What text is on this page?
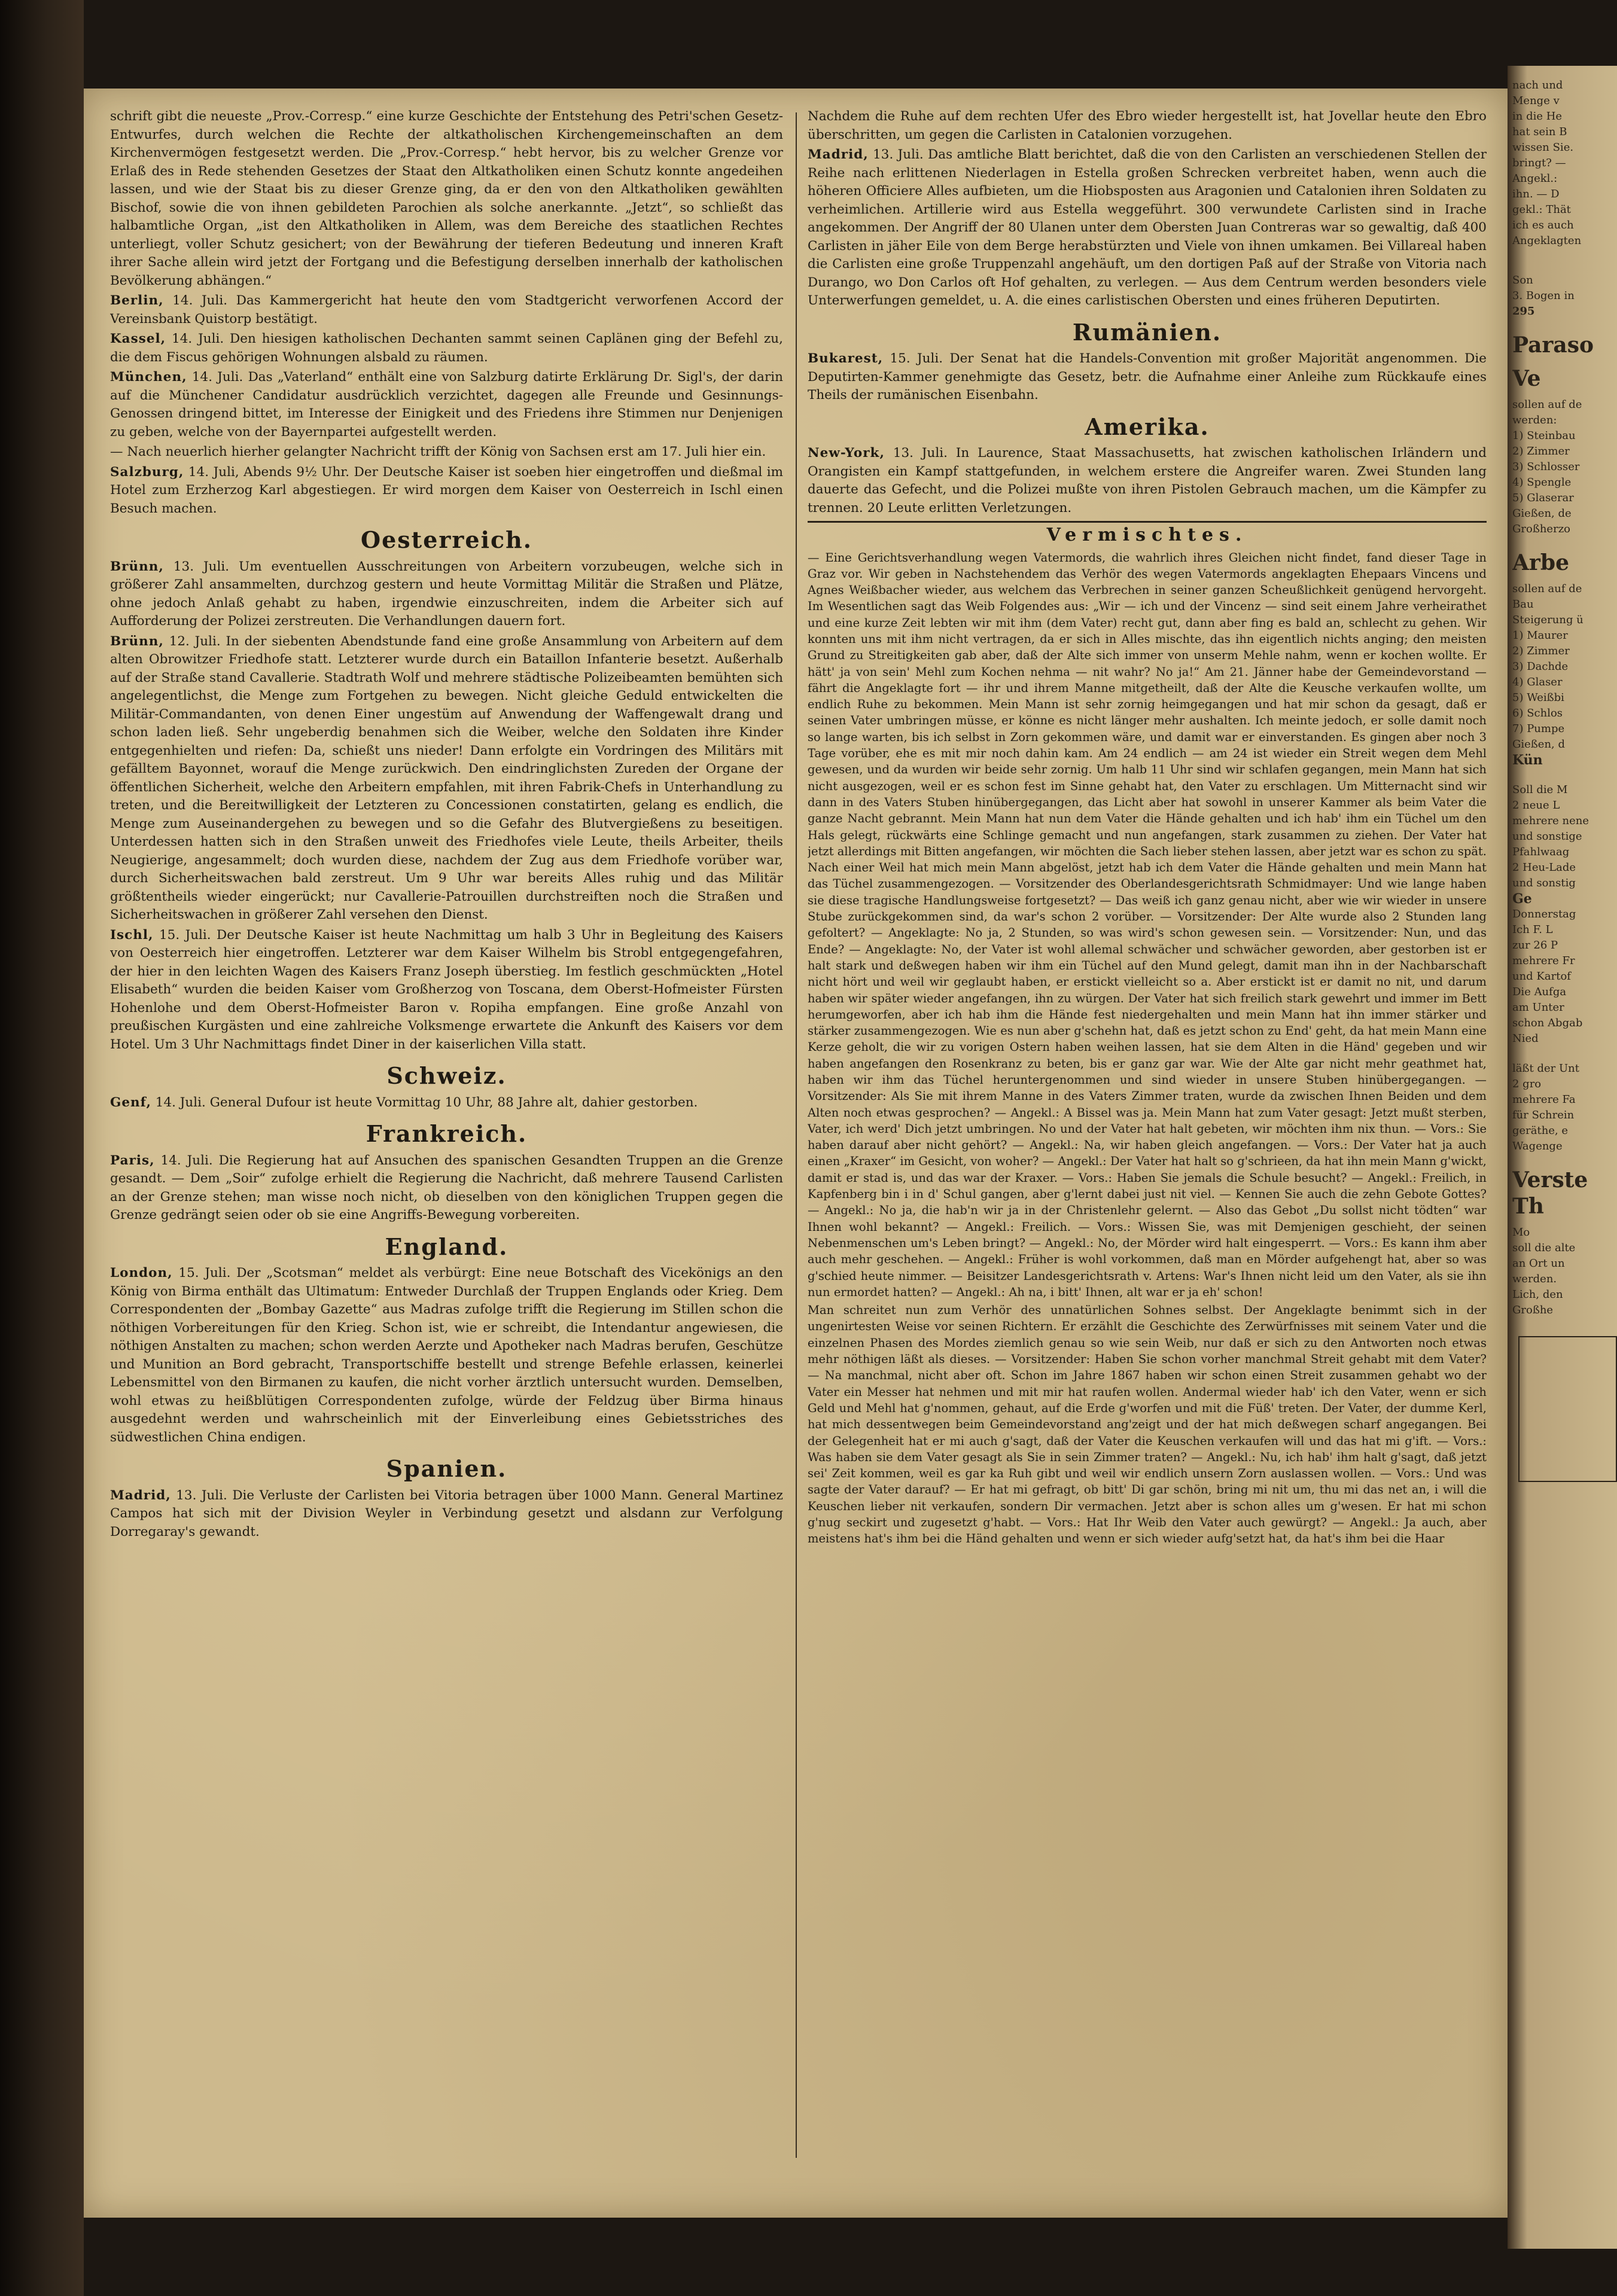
schrift gibt die neueste „Prov.-Corresp.“ eine kurze Geschichte der Entstehung des Petri'schen Gesetz-Entwurfes, durch welchen die Rechte der altkatholischen Kirchengemeinschaften an dem Kirchenvermögen festgesetzt werden. Die „Prov.-Corresp.“ hebt hervor, bis zu welcher Grenze vor Erlaß des in Rede stehenden Gesetzes der Staat den Altkatholiken einen Schutz konnte angedeihen lassen, und wie der Staat bis zu dieser Grenze ging, da er den von den Altkatholiken gewählten Bischof, sowie die von ihnen gebildeten Parochien als solche anerkannte. „Jetzt“, so schließt das halbamtliche Organ, „ist den Altkatholiken in Allem, was dem Bereiche des staatlichen Rechtes unterliegt, voller Schutz gesichert; von der Bewährung der tieferen Bedeutung und inneren Kraft ihrer Sache allein wird jetzt der Fortgang und die Befestigung derselben innerhalb der katholischen Bevölkerung abhängen.“

Berlin, 14. Juli. Das Kammergericht hat heute den vom Stadtgericht verworfenen Accord der Vereinsbank Quistorp bestätigt.

Kassel, 14. Juli. Den hiesigen katholischen Dechanten sammt seinen Caplänen ging der Befehl zu, die dem Fiscus gehörigen Wohnungen alsbald zu räumen.

München, 14. Juli. Das „Vaterland“ enthält eine von Salzburg datirte Erklärung Dr. Sigl's, der darin auf die Münchener Candidatur ausdrücklich verzichtet, dagegen alle Freunde und Gesinnungs-Genossen dringend bittet, im Interesse der Einigkeit und des Friedens ihre Stimmen nur Denjenigen zu geben, welche von der Bayernpartei aufgestellt werden.

— Nach neuerlich hierher gelangter Nachricht trifft der König von Sachsen erst am 17. Juli hier ein.

Salzburg, 14. Juli, Abends 9½ Uhr. Der Deutsche Kaiser ist soeben hier eingetroffen und dießmal im Hotel zum Erzherzog Karl abgestiegen. Er wird morgen dem Kaiser von Oesterreich in Ischl einen Besuch machen.

Oesterreich.

Brünn, 13. Juli. Um eventuellen Ausschreitungen von Arbeitern vorzubeugen, welche sich in größerer Zahl ansammelten, durchzog gestern und heute Vormittag Militär die Straßen und Plätze, ohne jedoch Anlaß gehabt zu haben, irgendwie einzuschreiten, indem die Arbeiter sich auf Aufforderung der Polizei zerstreuten. Die Verhandlungen dauern fort.

Brünn, 12. Juli. In der siebenten Abendstunde fand eine große Ansammlung von Arbeitern auf dem alten Obrowitzer Friedhofe statt. Letzterer wurde durch ein Bataillon Infanterie besetzt. Außerhalb auf der Straße stand Cavallerie. Stadtrath Wolf und mehrere städtische Polizeibeamten bemühten sich angelegentlichst, die Menge zum Fortgehen zu bewegen. Nicht gleiche Geduld entwickelten die Militär-Commandanten, von denen Einer ungestüm auf Anwendung der Waffengewalt drang und schon laden ließ. Sehr ungeberdig benahmen sich die Weiber, welche den Soldaten ihre Kinder entgegenhielten und riefen: Da, schießt uns nieder! Dann erfolgte ein Vordringen des Militärs mit gefälltem Bayonnet, worauf die Menge zurückwich. Den eindringlichsten Zureden der Organe der öffentlichen Sicherheit, welche den Arbeitern empfahlen, mit ihren Fabrik-Chefs in Unterhandlung zu treten, und die Bereitwilligkeit der Letzteren zu Concessionen constatirten, gelang es endlich, die Menge zum Auseinandergehen zu bewegen und so die Gefahr des Blutvergießens zu beseitigen. Unterdessen hatten sich in den Straßen unweit des Friedhofes viele Leute, theils Arbeiter, theils Neugierige, angesammelt; doch wurden diese, nachdem der Zug aus dem Friedhofe vorüber war, durch Sicherheitswachen bald zerstreut. Um 9 Uhr war bereits Alles ruhig und das Militär größtentheils wieder eingerückt; nur Cavallerie-Patrouillen durchstreiften noch die Straßen und Sicherheitswachen in größerer Zahl versehen den Dienst.

Ischl, 15. Juli. Der Deutsche Kaiser ist heute Nachmittag um halb 3 Uhr in Begleitung des Kaisers von Oesterreich hier eingetroffen. Letzterer war dem Kaiser Wilhelm bis Strobl entgegengefahren, der hier in den leichten Wagen des Kaisers Franz Joseph überstieg. Im festlich geschmückten „Hotel Elisabeth“ wurden die beiden Kaiser vom Großherzog von Toscana, dem Oberst-Hofmeister Fürsten Hohenlohe und dem Oberst-Hofmeister Baron v. Ropiha empfangen. Eine große Anzahl von preußischen Kurgästen und eine zahlreiche Volksmenge erwartete die Ankunft des Kaisers vor dem Hotel. Um 3 Uhr Nachmittags findet Diner in der kaiserlichen Villa statt.

Schweiz.

Genf, 14. Juli. General Dufour ist heute Vormittag 10 Uhr, 88 Jahre alt, dahier gestorben.

Frankreich.

Paris, 14. Juli. Die Regierung hat auf Ansuchen des spanischen Gesandten Truppen an die Grenze gesandt. — Dem „Soir“ zufolge erhielt die Regierung die Nachricht, daß mehrere Tausend Carlisten an der Grenze stehen; man wisse noch nicht, ob dieselben von den königlichen Truppen gegen die Grenze gedrängt seien oder ob sie eine Angriffs-Bewegung vorbereiten.

England.

London, 15. Juli. Der „Scotsman“ meldet als verbürgt: Eine neue Botschaft des Vicekönigs an den König von Birma enthält das Ultimatum: Entweder Durchlaß der Truppen Englands oder Krieg. Dem Correspondenten der „Bombay Gazette“ aus Madras zufolge trifft die Regierung im Stillen schon die nöthigen Vorbereitungen für den Krieg. Schon ist, wie er schreibt, die Intendantur angewiesen, die nöthigen Anstalten zu machen; schon werden Aerzte und Apotheker nach Madras berufen, Geschütze und Munition an Bord gebracht, Transportschiffe bestellt und strenge Befehle erlassen, keinerlei Lebensmittel von den Birmanen zu kaufen, die nicht vorher ärztlich untersucht wurden. Demselben, wohl etwas zu heißblütigen Correspondenten zufolge, würde der Feldzug über Birma hinaus ausgedehnt werden und wahrscheinlich mit der Einverleibung eines Gebietsstriches des südwestlichen China endigen.

Spanien.

Madrid, 13. Juli. Die Verluste der Carlisten bei Vitoria betragen über 1000 Mann. General Martinez Campos hat sich mit der Division Weyler in Verbindung gesetzt und alsdann zur Verfolgung Dorregaray's gewandt.

Nachdem die Ruhe auf dem rechten Ufer des Ebro wieder hergestellt ist, hat Jovellar heute den Ebro überschritten, um gegen die Carlisten in Catalonien vorzugehen.

Madrid, 13. Juli. Das amtliche Blatt berichtet, daß die von den Carlisten an verschiedenen Stellen der Reihe nach erlittenen Niederlagen in Estella großen Schrecken verbreitet haben, wenn auch die höheren Officiere Alles aufbieten, um die Hiobsposten aus Aragonien und Catalonien ihren Soldaten zu verheimlichen. Artillerie wird aus Estella weggeführt. 300 verwundete Carlisten sind in Irache angekommen. Der Angriff der 80 Ulanen unter dem Obersten Juan Contreras war so gewaltig, daß 400 Carlisten in jäher Eile von dem Berge herabstürzten und Viele von ihnen umkamen. Bei Villareal haben die Carlisten eine große Truppenzahl angehäuft, um den dortigen Paß auf der Straße von Vitoria nach Durango, wo Don Carlos oft Hof gehalten, zu verlegen. — Aus dem Centrum werden besonders viele Unterwerfungen gemeldet, u. A. die eines carlistischen Obersten und eines früheren Deputirten.

Rumänien.

Bukarest, 15. Juli. Der Senat hat die Handels-Convention mit großer Majorität angenommen. Die Deputirten-Kammer genehmigte das Gesetz, betr. die Aufnahme einer Anleihe zum Rückkaufe eines Theils der rumänischen Eisenbahn.

Amerika.

New-York, 13. Juli. In Laurence, Staat Massachusetts, hat zwischen katholischen Irländern und Orangisten ein Kampf stattgefunden, in welchem erstere die Angreifer waren. Zwei Stunden lang dauerte das Gefecht, und die Polizei mußte von ihren Pistolen Gebrauch machen, um die Kämpfer zu trennen. 20 Leute erlitten Verletzungen.

Vermischtes.

— Eine Gerichtsverhandlung wegen Vatermords, die wahrlich ihres Gleichen nicht findet, fand dieser Tage in Graz vor. Wir geben in Nachstehendem das Verhör des wegen Vatermords angeklagten Ehepaars Vincens und Agnes Weißbacher wieder, aus welchem das Verbrechen in seiner ganzen Scheußlichkeit genügend hervorgeht. Im Wesentlichen sagt das Weib Folgendes aus: „Wir — ich und der Vincenz — sind seit einem Jahre verheirathet und eine kurze Zeit lebten wir mit ihm (dem Vater) recht gut, dann aber fing es bald an, schlecht zu gehen. Wir konnten uns mit ihm nicht vertragen, da er sich in Alles mischte, das ihn eigentlich nichts anging; den meisten Grund zu Streitigkeiten gab aber, daß der Alte sich immer von unserm Mehle nahm, wenn er kochen wollte. Er hätt' ja von sein' Mehl zum Kochen nehma — nit wahr? No ja!“ Am 21. Jänner habe der Gemeindevorstand — fährt die Angeklagte fort — ihr und ihrem Manne mitgetheilt, daß der Alte die Keusche verkaufen wollte, um endlich Ruhe zu bekommen. Mein Mann ist sehr zornig heimgegangen und hat mir schon da gesagt, daß er seinen Vater umbringen müsse, er könne es nicht länger mehr aushalten. Ich meinte jedoch, er solle damit noch so lange warten, bis ich selbst in Zorn gekommen wäre, und damit war er einverstanden. Es gingen aber noch 3 Tage vorüber, ehe es mit mir noch dahin kam. Am 24 endlich — am 24 ist wieder ein Streit wegen dem Mehl gewesen, und da wurden wir beide sehr zornig. Um halb 11 Uhr sind wir schlafen gegangen, mein Mann hat sich nicht ausgezogen, weil er es schon fest im Sinne gehabt hat, den Vater zu erschlagen. Um Mitternacht sind wir dann in des Vaters Stuben hinübergegangen, das Licht aber hat sowohl in unserer Kammer als beim Vater die ganze Nacht gebrannt. Mein Mann hat nun dem Vater die Hände gehalten und ich hab' ihm ein Tüchel um den Hals gelegt, rückwärts eine Schlinge gemacht und nun angefangen, stark zusammen zu ziehen. Der Vater hat jetzt allerdings mit Bitten angefangen, wir möchten die Sach lieber stehen lassen, aber jetzt war es schon zu spät. Nach einer Weil hat mich mein Mann abgelöst, jetzt hab ich dem Vater die Hände gehalten und mein Mann hat das Tüchel zusammengezogen. — Vorsitzender des Oberlandesgerichtsrath Schmidmayer: Und wie lange haben sie diese tragische Handlungsweise fortgesetzt? — Das weiß ich ganz genau nicht, aber wie wir wieder in unsere Stube zurückgekommen sind, da war's schon 2 vorüber. — Vorsitzender: Der Alte wurde also 2 Stunden lang gefoltert? — Angeklagte: No ja, 2 Stunden, so was wird's schon gewesen sein. — Vorsitzender: Nun, und das Ende? — Angeklagte: No, der Vater ist wohl allemal schwächer und schwächer geworden, aber gestorben ist er halt stark und deßwegen haben wir ihm ein Tüchel auf den Mund gelegt, damit man ihn in der Nachbarschaft nicht hört und weil wir geglaubt haben, er erstickt vielleicht so a. Aber erstickt ist er damit no nit, und darum haben wir später wieder angefangen, ihn zu würgen. Der Vater hat sich freilich stark gewehrt und immer im Bett herumgeworfen, aber ich hab ihm die Hände fest niedergehalten und mein Mann hat ihn immer stärker und stärker zusammengezogen. Wie es nun aber g'schehn hat, daß es jetzt schon zu End' geht, da hat mein Mann eine Kerze geholt, die wir zu vorigen Ostern haben weihen lassen, hat sie dem Alten in die Händ' gegeben und wir haben angefangen den Rosenkranz zu beten, bis er ganz gar war. Wie der Alte gar nicht mehr geathmet hat, haben wir ihm das Tüchel heruntergenommen und sind wieder in unsere Stuben hinübergegangen. — Vorsitzender: Als Sie mit ihrem Manne in des Vaters Zimmer traten, wurde da zwischen Ihnen Beiden und dem Alten noch etwas gesprochen? — Angekl.: A Bissel was ja. Mein Mann hat zum Vater gesagt: Jetzt mußt sterben, Vater, ich werd' Dich jetzt umbringen. No und der Vater hat halt gebeten, wir möchten ihm nix thun. — Vors.: Sie haben darauf aber nicht gehört? — Angekl.: Na, wir haben gleich angefangen. — Vors.: Der Vater hat ja auch einen „Kraxer“ im Gesicht, von woher? — Angekl.: Der Vater hat halt so g'schrieen, da hat ihn mein Mann g'wickt, damit er stad is, und das war der Kraxer. — Vors.: Haben Sie jemals die Schule besucht? — Angekl.: Freilich, in Kapfenberg bin i in d' Schul gangen, aber g'lernt dabei just nit viel. — Kennen Sie auch die zehn Gebote Gottes? — Angekl.: No ja, die hab'n wir ja in der Christenlehr gelernt. — Also das Gebot „Du sollst nicht tödten“ war Ihnen wohl bekannt? — Angekl.: Freilich. — Vors.: Wissen Sie, was mit Demjenigen geschieht, der seinen Nebenmenschen um's Leben bringt? — Angekl.: No, der Mörder wird halt eingesperrt. — Vors.: Es kann ihm aber auch mehr geschehen. — Angekl.: Früher is wohl vorkommen, daß man en Mörder aufgehengt hat, aber so was g'schied heute nimmer. — Beisitzer Landesgerichtsrath v. Artens: War's Ihnen nicht leid um den Vater, als sie ihn nun ermordet hatten? — Angekl.: Ah na, i bitt' Ihnen, alt war er ja eh' schon!

Man schreitet nun zum Verhör des unnatürlichen Sohnes selbst. Der Angeklagte benimmt sich in der ungenirtesten Weise vor seinen Richtern. Er erzählt die Geschichte des Zerwürfnisses mit seinem Vater und die einzelnen Phasen des Mordes ziemlich genau so wie sein Weib, nur daß er sich zu den Antworten noch etwas mehr nöthigen läßt als dieses. — Vorsitzender: Haben Sie schon vorher manchmal Streit gehabt mit dem Vater? — Na manchmal, nicht aber oft. Schon im Jahre 1867 haben wir schon einen Streit zusammen gehabt wo der Vater ein Messer hat nehmen und mit mir hat raufen wollen. Andermal wieder hab' ich den Vater, wenn er sich Geld und Mehl hat g'nommen, gehaut, auf die Erde g'worfen und mit die Füß' treten. Der Vater, der dumme Kerl, hat mich dessentwegen beim Gemeindevorstand ang'zeigt und der hat mich deßwegen scharf angegangen. Bei der Gelegenheit hat er mi auch g'sagt, daß der Vater die Keuschen verkaufen will und das hat mi g'ift. — Vors.: Was haben sie dem Vater gesagt als Sie in sein Zimmer traten? — Angekl.: Nu, ich hab' ihm halt g'sagt, daß jetzt sei' Zeit kommen, weil es gar ka Ruh gibt und weil wir endlich unsern Zorn auslassen wollen. — Vors.: Und was sagte der Vater darauf? — Er hat mi gefragt, ob bitt' Di gar schön, bring mi nit um, thu mi das net an, i will die Keuschen lieber nit verkaufen, sondern Dir vermachen. Jetzt aber is schon alles um g'wesen. Er hat mi schon g'nug seckirt und zugesetzt g'habt. — Vors.: Hat Ihr Weib den Vater auch gewürgt? — Angekl.: Ja auch, aber meistens hat's ihm bei die Händ gehalten und wenn er sich wieder aufg'setzt hat, da hat's ihm bei die Haar

nach und
Menge v
in die He
hat sein B
wissen Sie.
bringt? —
Angekl.:
ihn. — D
gekl.: Thät
ich es auch
Angeklagten
Son
3. Bogen in
295
Paraso
Ve
sollen auf de
werden:
1) Steinbau
2) Zimmer
3) Schlosser
4) Spengle
5) Glaserar
Gießen, de
Großherzo
Arbe
sollen auf de
Bau
Steigerung ü
1) Maurer
2) Zimmer
3) Dachde
4) Glaser
5) Weißbi
6) Schlos
7) Pumpe
Gießen, d
Kün
Soll die M
2 neue L
mehrere nene
und sonstige
Pfahlwaag
2 Heu-Lade
und sonstig
Ge
Donnerstag
Ich F. L
zur 26 P
mehrere Fr
und Kartof
Die Aufga
am Unter
schon Abgab
Nied
läßt der Unt
2 gro
mehrere Fa
für Schrein
geräthe, e
Wagenge
Verste
Th
Mo
soll die alte
an Ort un
werden.
Lich, den
Großhe
